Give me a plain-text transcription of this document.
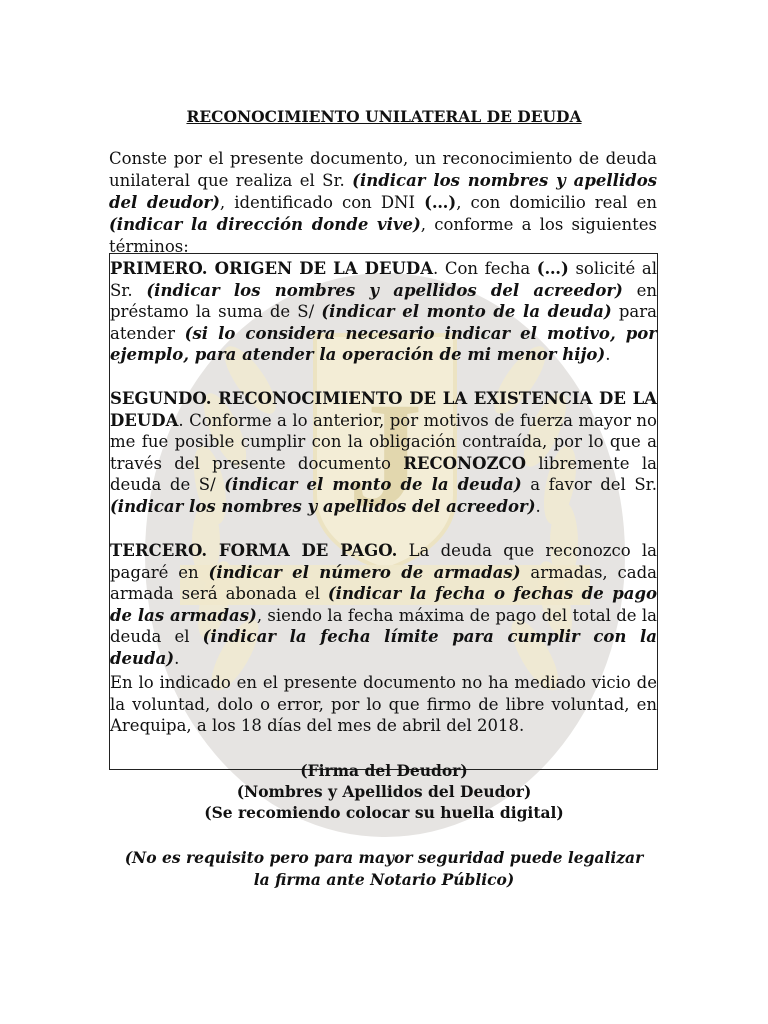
J
RECONOCIMIENTO UNILATERAL DE DEUDA
Conste por el presente documento, un reconocimiento de deuda unilateral que realiza el Sr. (indicar los nombres y apellidos del deudor), identificado con DNI (…), con domicilio real en (indicar la dirección donde vive), conforme a los siguientes términos:
PRIMERO. ORIGEN DE LA DEUDA. Con fecha (…) solicité al Sr. (indicar los nombres y apellidos del acreedor) en préstamo la suma de S/ (indicar el monto de la deuda) para atender (si lo considera necesario indicar el motivo, por ejemplo, para atender la operación de mi menor hijo).
SEGUNDO. RECONOCIMIENTO DE LA EXISTENCIA DE LA DEUDA. Conforme a lo anterior, por motivos de fuerza mayor no me fue posible cumplir con la obligación contraída, por lo que a través del presente documento RECONOZCO libremente la deuda de S/ (indicar el monto de la deuda) a favor del Sr. (indicar los nombres y apellidos del acreedor).
TERCERO. FORMA DE PAGO. La deuda que reconozco la pagaré en (indicar el número de armadas) armadas, cada armada será abonada el (indicar la fecha o fechas de pago de las armadas), siendo la fecha máxima de pago del total de la deuda el (indicar la fecha límite para cumplir con la deuda).
En lo indicado en el presente documento no ha mediado vicio de la voluntad, dolo o error, por lo que firmo de libre voluntad, en Arequipa, a los 18 días del mes de abril del 2018.
(Firma del Deudor)
(Nombres y Apellidos del Deudor)
(Se recomiendo colocar su huella digital)
(No es requisito pero para mayor seguridad puede legalizar la firma ante Notario Público)
